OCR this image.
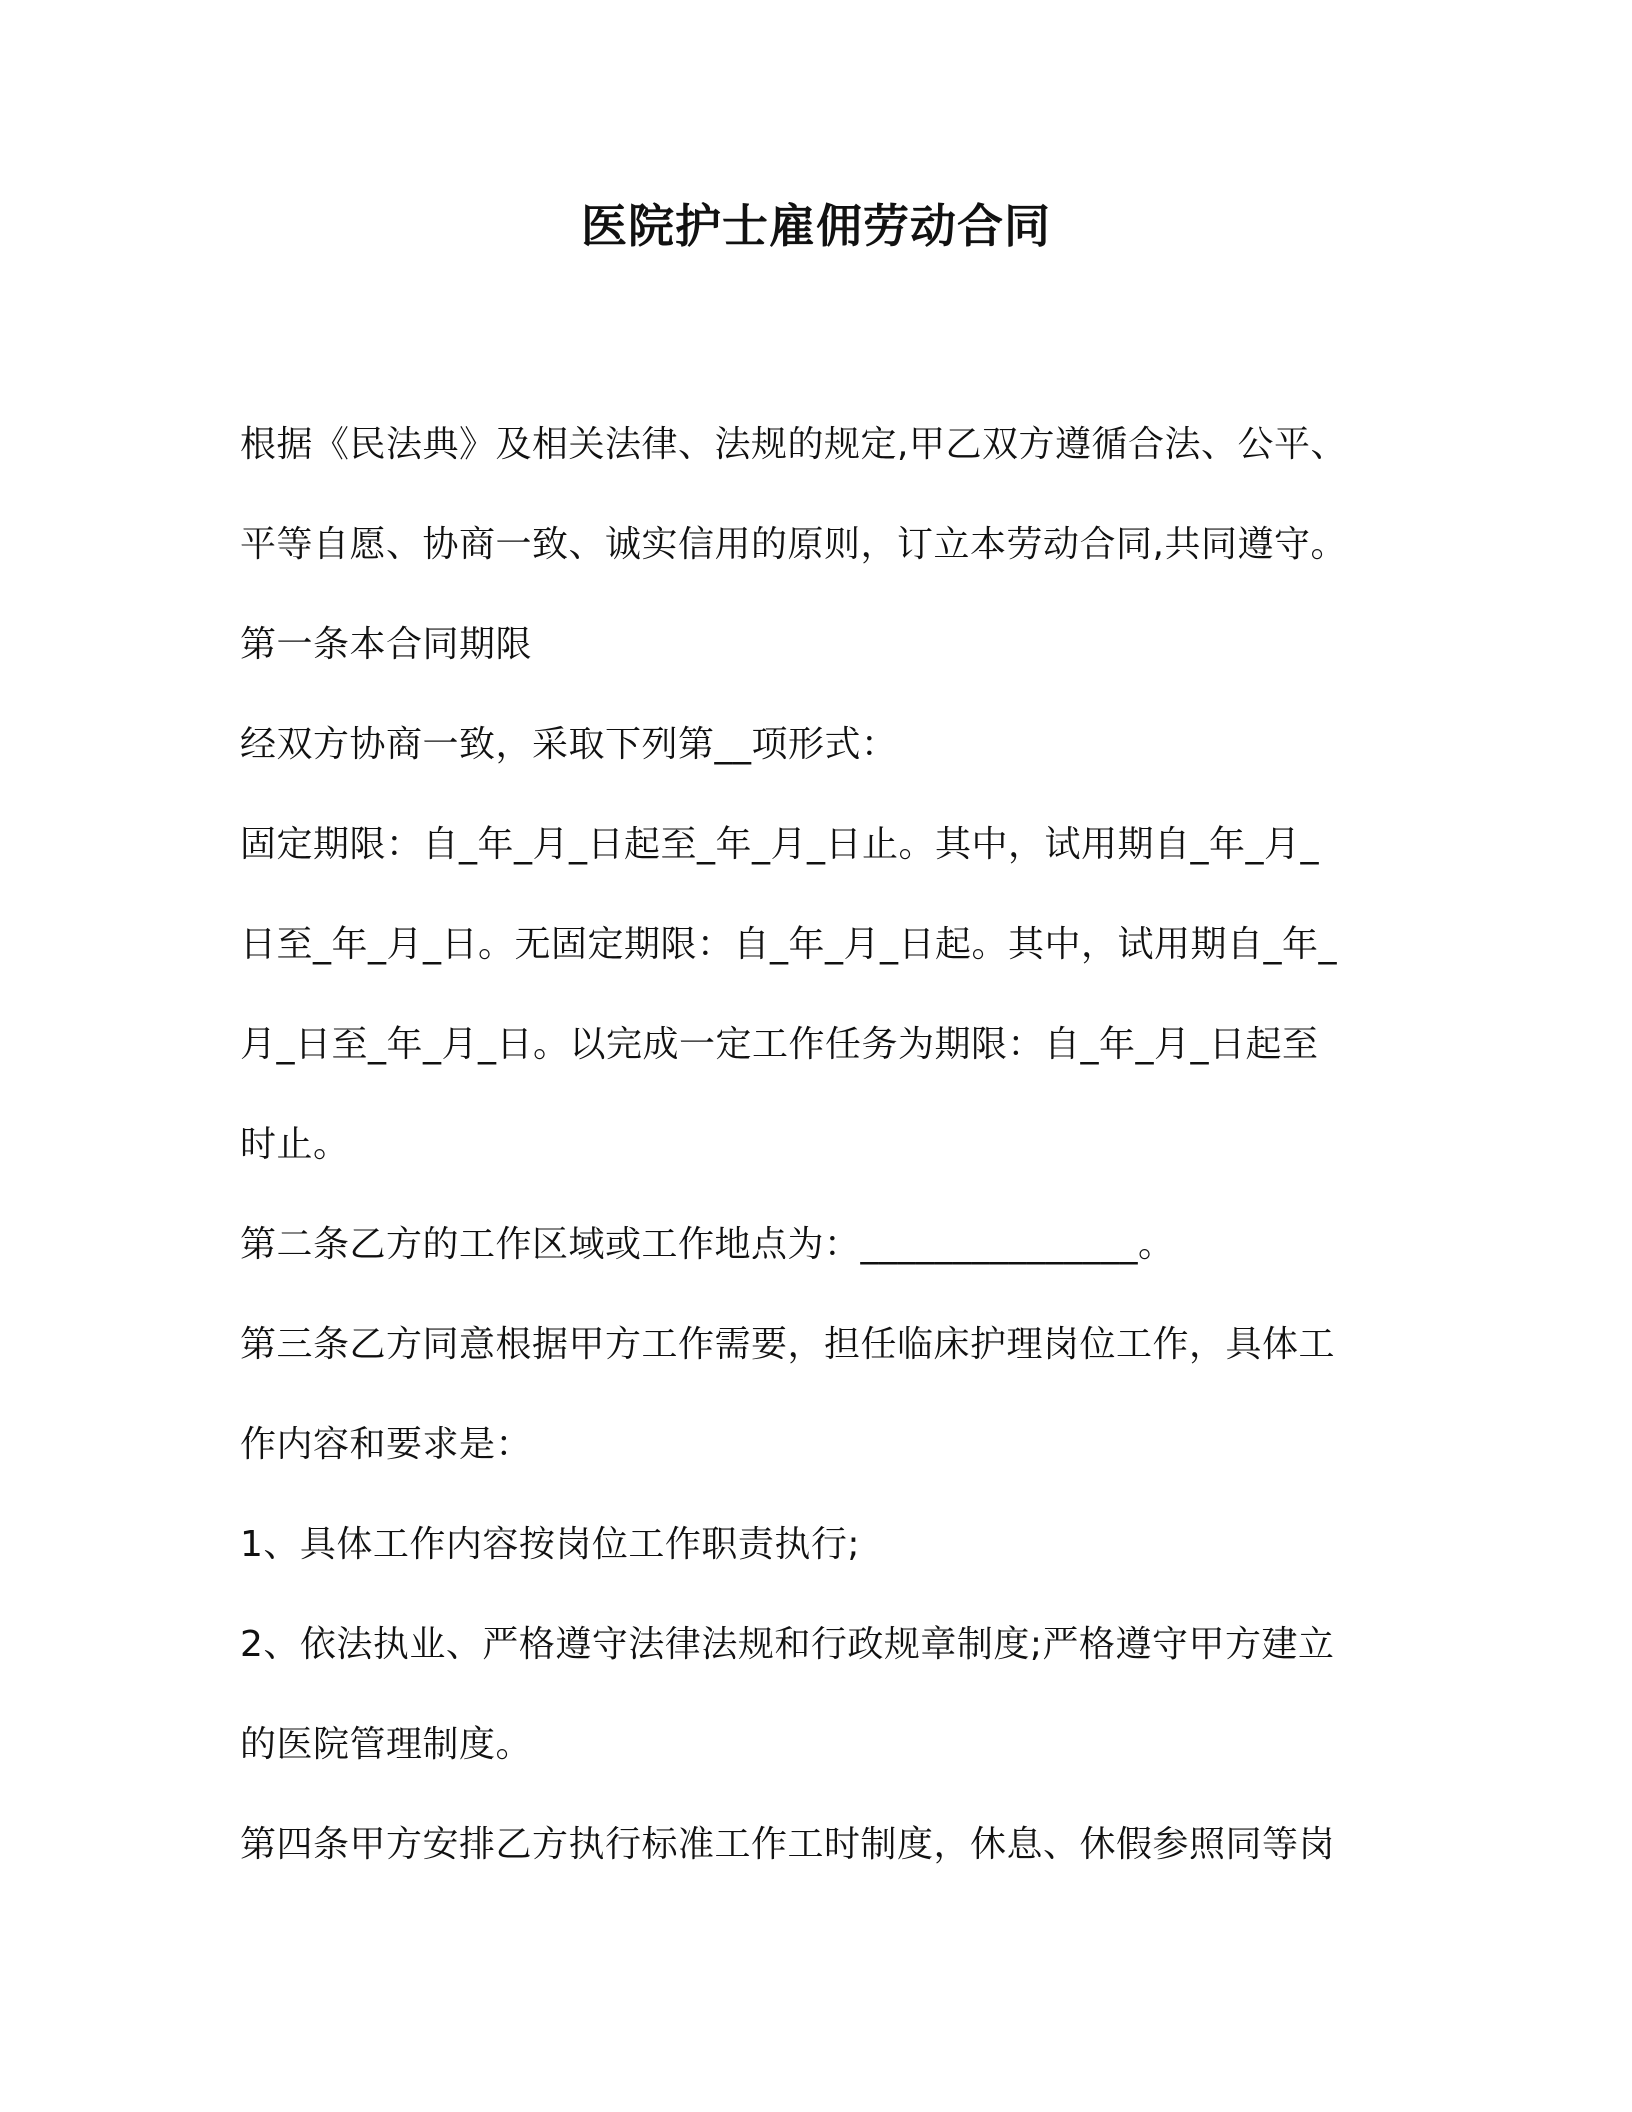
医院护士雇佣劳动合同
根据《民法典》及相关法律、法规的规定,甲乙双方遵循合法、公平、
平等自愿、协商一致、诚实信用的原则，订立本劳动合同,共同遵守。
第一条本合同期限
经双方协商一致，采取下列第__项形式：
固定期限：自_年_月_日起至_年_月_日止。其中，试用期自_年_月_
日至_年_月_日。无固定期限：自_年_月_日起。其中，试用期自_年_
月_日至_年_月_日。以完成一定工作任务为期限：自_年_月_日起至
时止。
第二条乙方的工作区域或工作地点为：_______________。
第三条乙方同意根据甲方工作需要，担任临床护理岗位工作，具体工
作内容和要求是：
1、具体工作内容按岗位工作职责执行;
2、依法执业、严格遵守法律法规和行政规章制度;严格遵守甲方建立
的医院管理制度。
第四条甲方安排乙方执行标准工作工时制度，休息、休假参照同等岗
